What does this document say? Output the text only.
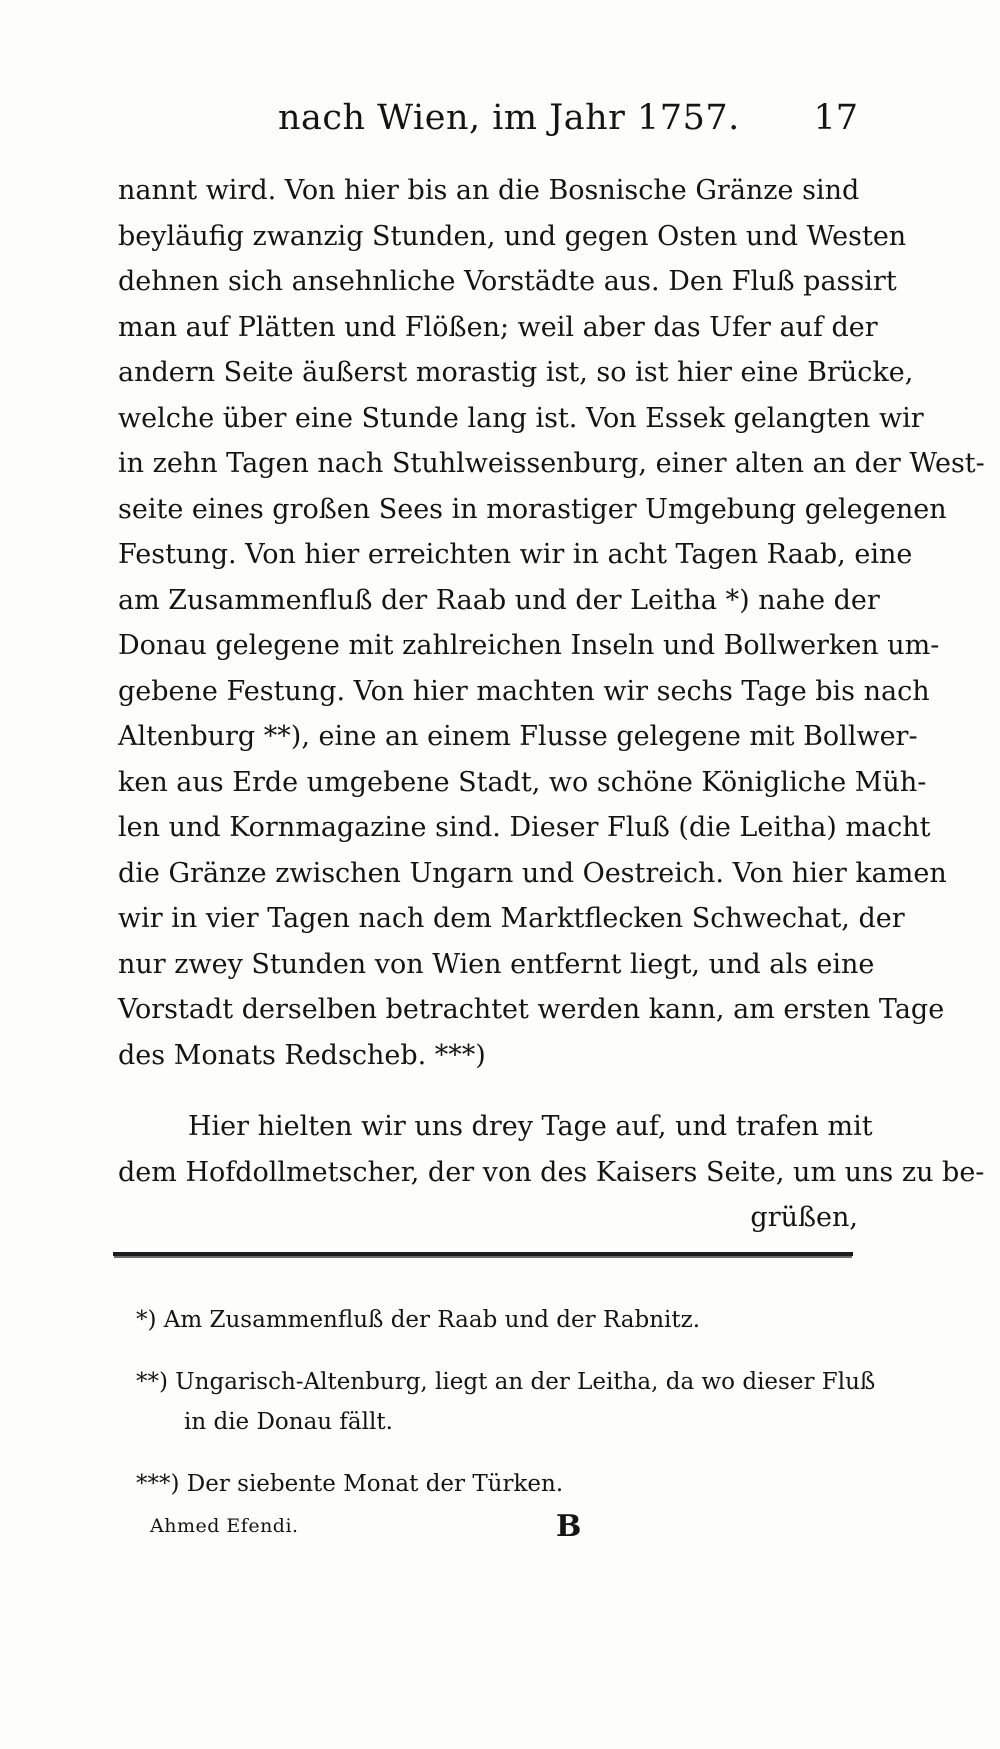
nach Wien, im Jahr 1757. 17
nannt wird. Von hier bis an die Bosnische Gränze sind
beyläufig zwanzig Stunden, und gegen Osten und Westen
dehnen sich ansehnliche Vorstädte aus. Den Fluß passirt
man auf Plätten und Flößen; weil aber das Ufer auf der
andern Seite äußerst morastig ist, so ist hier eine Brücke,
welche über eine Stunde lang ist. Von Essek gelangten wir
in zehn Tagen nach Stuhlweissenburg, einer alten an der West-
seite eines großen Sees in morastiger Umgebung gelegenen
Festung. Von hier erreichten wir in acht Tagen Raab, eine
am Zusammenfluß der Raab und der Leitha *) nahe der
Donau gelegene mit zahlreichen Inseln und Bollwerken um-
gebene Festung. Von hier machten wir sechs Tage bis nach
Altenburg **), eine an einem Flusse gelegene mit Bollwer-
ken aus Erde umgebene Stadt, wo schöne Königliche Müh-
len und Kornmagazine sind. Dieser Fluß (die Leitha) macht
die Gränze zwischen Ungarn und Oestreich. Von hier kamen
wir in vier Tagen nach dem Marktflecken Schwechat, der
nur zwey Stunden von Wien entfernt liegt, und als eine
Vorstadt derselben betrachtet werden kann, am ersten Tage
des Monats Redscheb. ***)
Hier hielten wir uns drey Tage auf, und trafen mit
dem Hofdollmetscher, der von des Kaisers Seite, um uns zu be-
grüßen,
*) Am Zusammenfluß der Raab und der Rabnitz.
**) Ungarisch-Altenburg, liegt an der Leitha, da wo dieser Fluß
in die Donau fällt.
***) Der siebente Monat der Türken.
Ahmed Efendi.	B
